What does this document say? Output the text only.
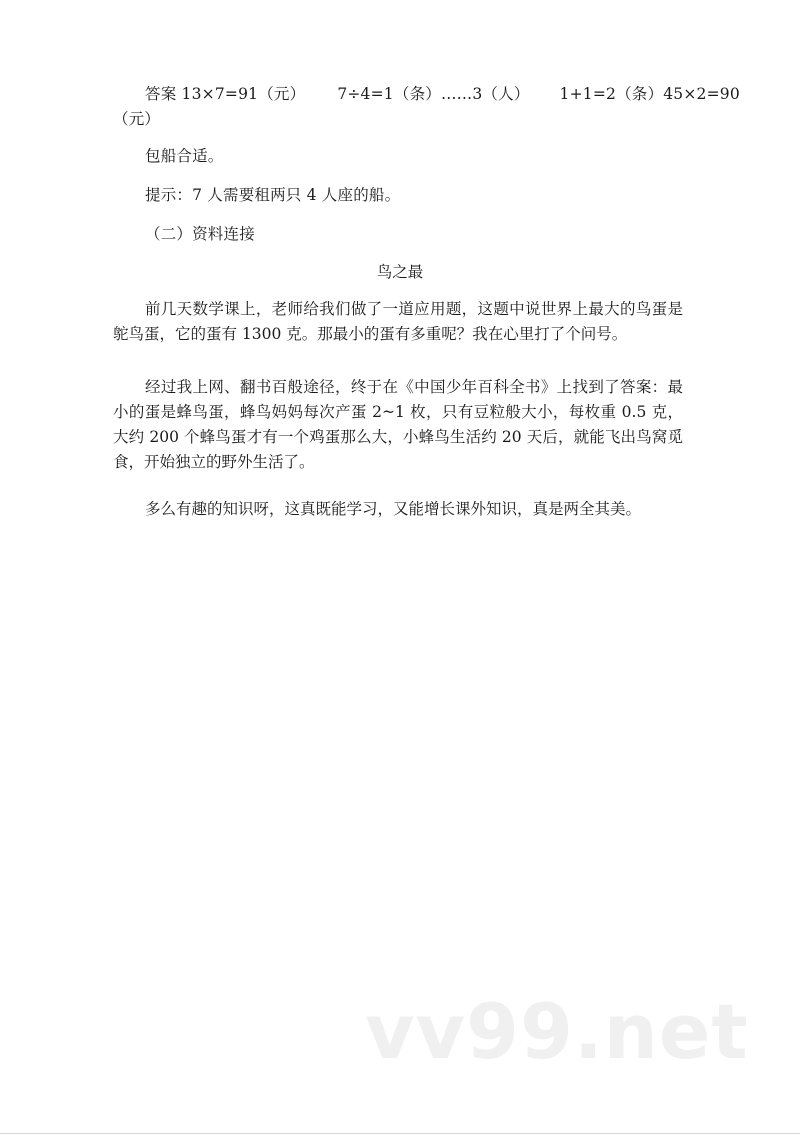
答案 13×7=91（元） 7÷4=1（条）……3（人） 1+1=2（条）45×2=90
（元）
包船合适。
提示：7 人需要租两只 4 人座的船。
（二）资料连接
鸟之最
前几天数学课上，老师给我们做了一道应用题，这题中说世界上最大的鸟蛋是鸵鸟蛋，它的蛋有 1300 克。那最小的蛋有多重呢？我在心里打了个问号。
经过我上网、翻书百般途径，终于在《中国少年百科全书》上找到了答案：最小的蛋是蜂鸟蛋，蜂鸟妈妈每次产蛋 2~1 枚，只有豆粒般大小，每枚重 0.5 克，大约 200 个蜂鸟蛋才有一个鸡蛋那么大，小蜂鸟生活约 20 天后，就能飞出鸟窝觅食，开始独立的野外生活了。
多么有趣的知识呀，这真既能学习，又能增长课外知识，真是两全其美。
vv99.net
